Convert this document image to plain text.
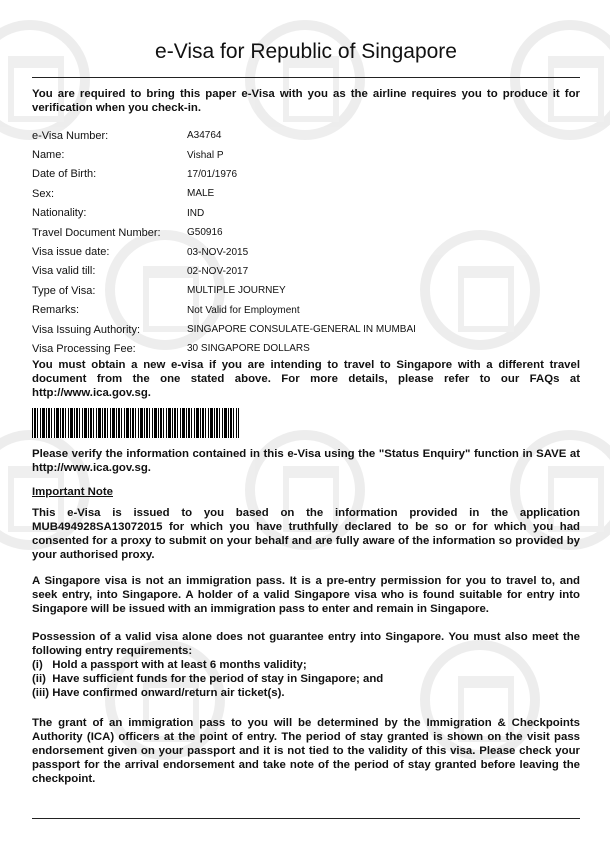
e-Visa for Republic of Singapore
You are required to bring this paper e-Visa with you as the airline requires you to produce it for verification when you check-in.
e-Visa Number:	A34764
Name:	Vishal P
Date of Birth:	17/01/1976
Sex:	MALE
Nationality:	IND
Travel Document Number:	G50916
Visa issue date:	03-NOV-2015
Visa valid till:	02-NOV-2017
Type of Visa:	MULTIPLE JOURNEY
Remarks:	Not Valid for Employment
Visa Issuing Authority:	SINGAPORE CONSULATE-GENERAL IN MUMBAI
Visa Processing Fee:	30 SINGAPORE DOLLARS
You must obtain a new e-visa if you are intending to travel to Singapore with a different travel document from the one stated above. For more details, please refer to our FAQs at http://www.ica.gov.sg.
Please verify the information contained in this e-Visa using the "Status Enquiry" function in SAVE at http://www.ica.gov.sg.
Important Note
This e-Visa is issued to you based on the information provided in the application MUB494928SA13072015 for which you have truthfully declared to be so or for which you had consented for a proxy to submit on your behalf and are fully aware of the information so provided by your authorised proxy.
A Singapore visa is not an immigration pass. It is a pre-entry permission for you to travel to, and seek entry, into Singapore. A holder of a valid Singapore visa who is found suitable for entry into Singapore will be issued with an immigration pass to enter and remain in Singapore.
Possession of a valid visa alone does not guarantee entry into Singapore. You must also meet the following entry requirements:
(i)   Hold a passport with at least 6 months validity;
(ii)  Have sufficient funds for the period of stay in Singapore; and
(iii) Have confirmed onward/return air ticket(s).
The grant of an immigration pass to you will be determined by the Immigration & Checkpoints Authority (ICA) officers at the point of entry. The period of stay granted is shown on the visit pass endorsement given on your passport and it is not tied to the validity of this visa. Please check your passport for the arrival endorsement and take note of the period of stay granted before leaving the checkpoint.
